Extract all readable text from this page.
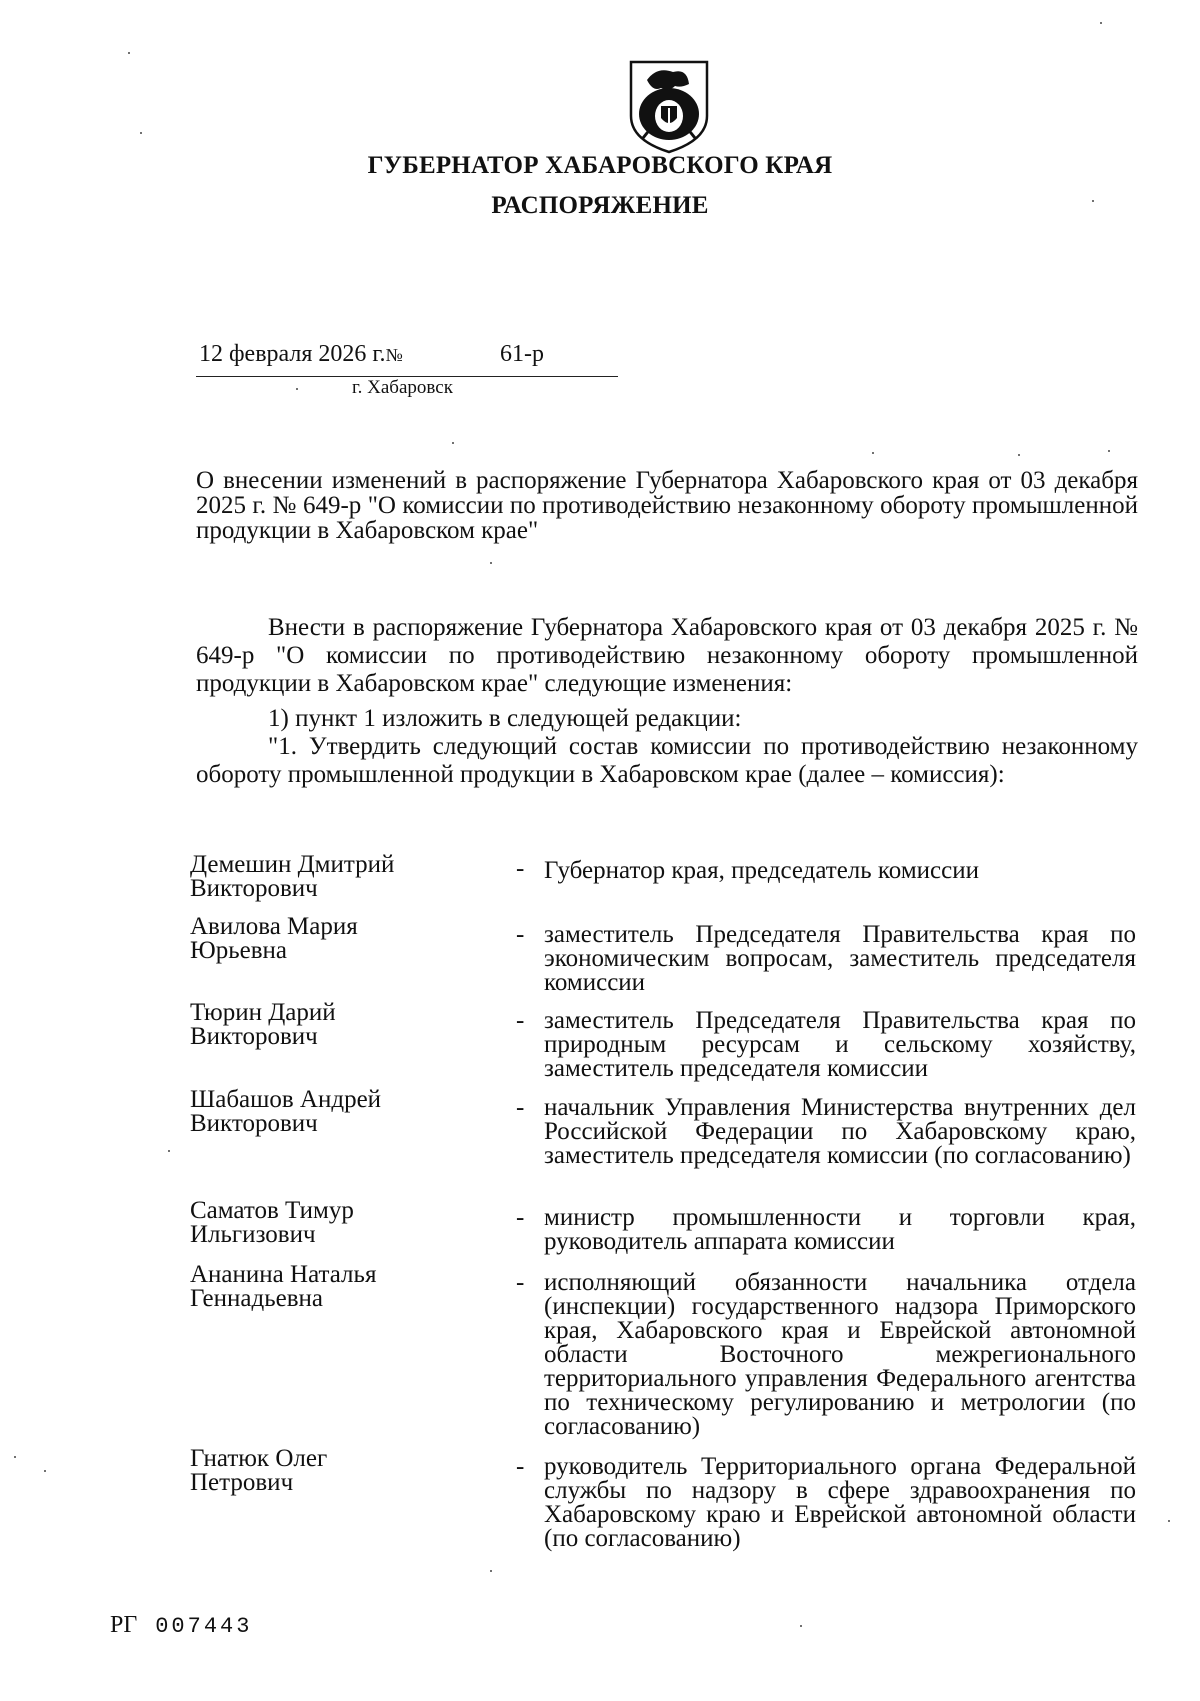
ГУБЕРНАТОР ХАБАРОВСКОГО КРАЯ
РАСПОРЯЖЕНИЕ
12 февраля 2026 г.№	61-р
г. Хабаровск
О внесении изменений в распоряжение Губернатора Хабаровского края от 03 декабря 2025 г. № 649-р "О комиссии по противодействию незаконному обороту промышленной продукции в Хабаровском крае"
Внести в распоряжение Губернатора Хабаровского края от 03 декабря 2025 г. № 649-р "О комиссии по противодействию незаконному обороту промышленной продукции в Хабаровском крае" следующие изменения:
1) пункт 1 изложить в следующей редакции:
"1. Утвердить следующий состав комиссии по противодействию незаконному обороту промышленной продукции в Хабаровском крае (далее – комиссия):
Демешин Дмитрий Викторович
- Губернатор края, председатель комиссии
Авилова Мария Юрьевна
- заместитель Председателя Правительства края по экономическим вопросам, заместитель председателя комиссии
Тюрин Дарий Викторович
- заместитель Председателя Правительства края по природным ресурсам и сельскому хозяйству, заместитель председателя комиссии
Шабашов Андрей Викторович
- начальник Управления Министерства внутренних дел Российской Федерации по Хабаровскому краю, заместитель председателя комиссии (по согласованию)
Саматов Тимур Ильгизович
- министр промышленности и торговли края, руководитель аппарата комиссии
Ананина Наталья Геннадьевна
- исполняющий обязанности начальника отдела (инспекции) государственного надзора Приморского края, Хабаровского края и Еврейской автономной области Восточного межрегионального территориального управления Федерального агентства по техническому регулированию и метрологии (по согласованию)
Гнатюк Олег Петрович
- руководитель Территориального органа Федеральной службы по надзору в сфере здравоохранения по Хабаровскому краю и Еврейской автономной области (по согласованию)
РГ 007443
